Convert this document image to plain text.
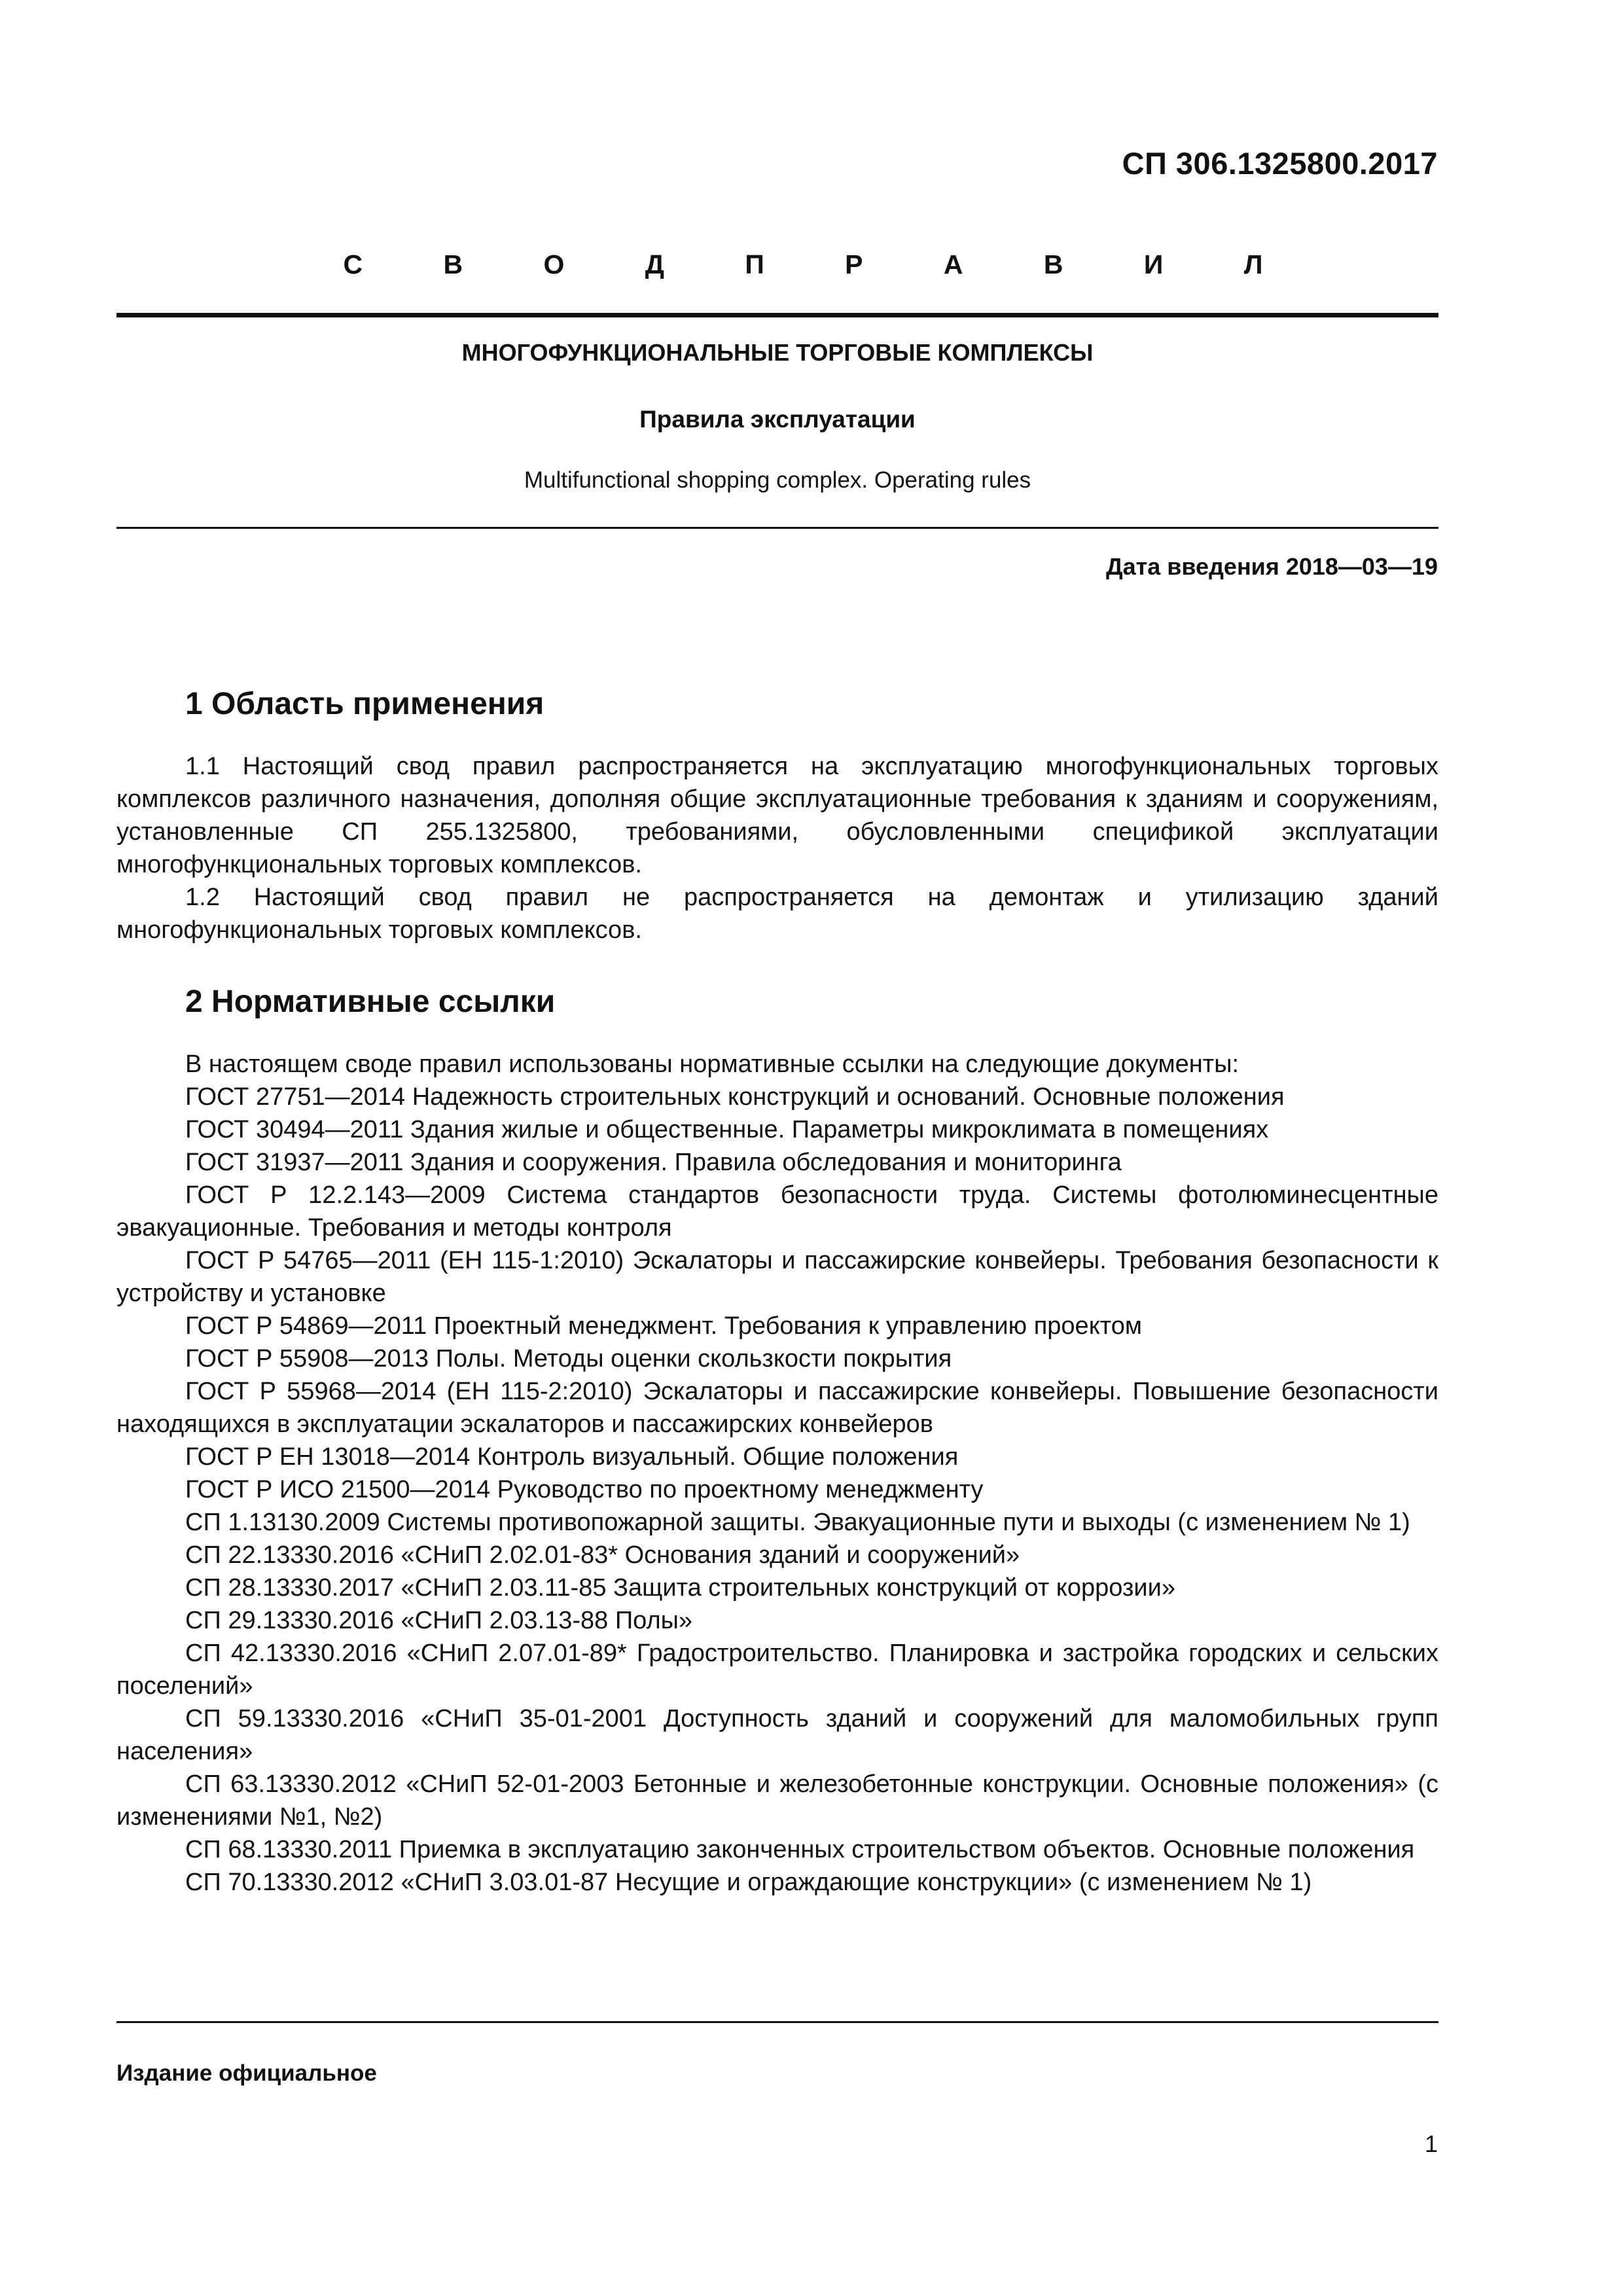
СП 306.1325800.2017
С В О Д П Р А В И Л
МНОГОФУНКЦИОНАЛЬНЫЕ ТОРГОВЫЕ КОМПЛЕКСЫ
Правила эксплуатации
Multifunctional shopping complex. Operating rules
Дата введения 2018—03—19
1 Область применения

1.1 Настоящий свод правил распространяется на эксплуатацию многофункциональных торговых комплексов различного назначения, дополняя общие эксплуатационные требования к зданиям и сооружениям, установленные СП 255.1325800, требованиями, обусловленными спецификой эксплуатации многофункциональных торговых комплексов.

1.2 Настоящий свод правил не распространяется на демонтаж и утилизацию зданий многофункциональных торговых комплексов.

2 Нормативные ссылки

В настоящем своде правил использованы нормативные ссылки на следующие документы:

ГОСТ 27751—2014 Надежность строительных конструкций и оснований. Основные положения

ГОСТ 30494—2011 Здания жилые и общественные. Параметры микроклимата в помещениях

ГОСТ 31937—2011 Здания и сооружения. Правила обследования и мониторинга

ГОСТ Р 12.2.143—2009 Система стандартов безопасности труда. Системы фотолюминесцентные эвакуационные. Требования и методы контроля

ГОСТ Р 54765—2011 (ЕН 115-1:2010) Эскалаторы и пассажирские конвейеры. Требования безопасности к устройству и установке

ГОСТ Р 54869—2011 Проектный менеджмент. Требования к управлению проектом

ГОСТ Р 55908—2013 Полы. Методы оценки скользкости покрытия

ГОСТ Р 55968—2014 (ЕН 115-2:2010) Эскалаторы и пассажирские конвейеры. Повышение безопасности находящихся в эксплуатации эскалаторов и пассажирских конвейеров

ГОСТ Р ЕН 13018—2014 Контроль визуальный. Общие положения

ГОСТ Р ИСО 21500—2014 Руководство по проектному менеджменту

СП 1.13130.2009 Системы противопожарной защиты. Эвакуационные пути и выходы (с изменением № 1)

СП 22.13330.2016 «СНиП 2.02.01-83* Основания зданий и сооружений»

СП 28.13330.2017 «СНиП 2.03.11-85 Защита строительных конструкций от коррозии»

СП 29.13330.2016 «СНиП 2.03.13-88 Полы»

СП 42.13330.2016 «СНиП 2.07.01-89* Градостроительство. Планировка и застройка городских и сельских поселений»

СП 59.13330.2016 «СНиП 35-01-2001 Доступность зданий и сооружений для маломобильных групп населения»

СП 63.13330.2012 «СНиП 52-01-2003 Бетонные и железобетонные конструкции. Основные положения» (с изменениями №1, №2)

СП 68.13330.2011 Приемка в эксплуатацию законченных строительством объектов. Основные положения

СП 70.13330.2012 «СНиП 3.03.01-87 Несущие и ограждающие конструкции» (с изменением № 1)

Издание официальное
1
